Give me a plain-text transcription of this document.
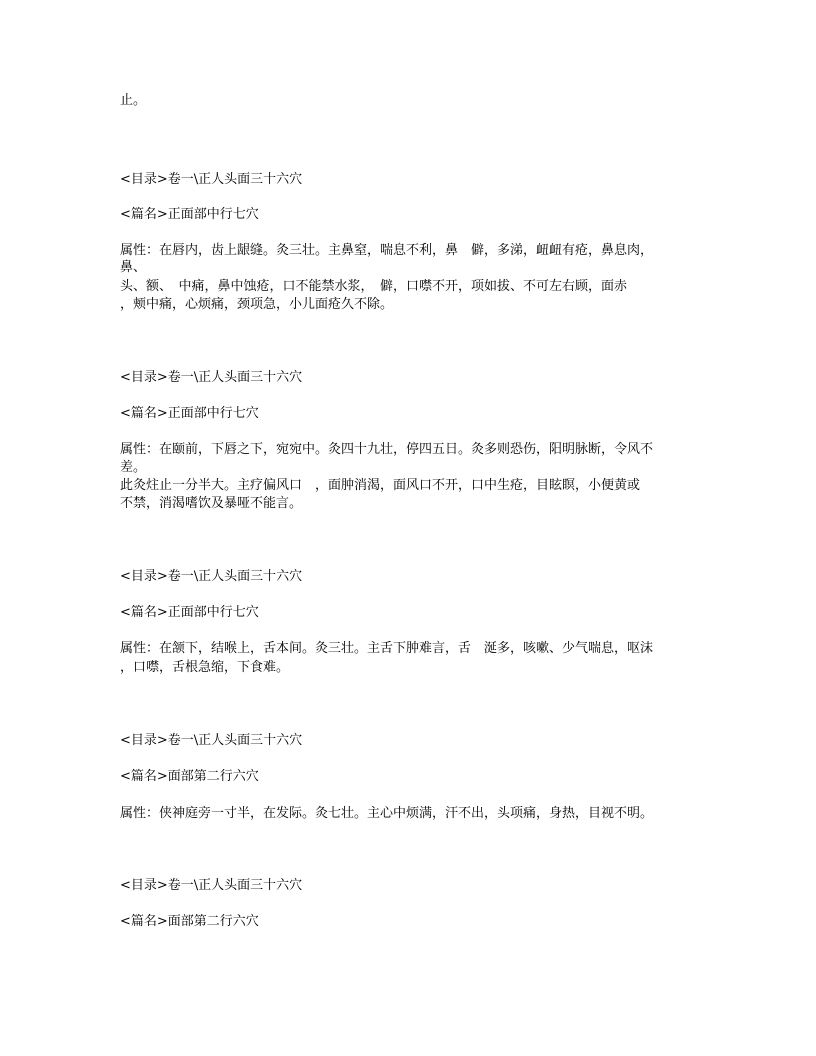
止。

<目录>卷一\正人头面三十六穴

<篇名>正面部中行七穴

属性：在唇内，齿上龈缝。灸三壮。主鼻窒，喘息不利，鼻　僻，多涕，衄衄有疮，鼻息肉，

鼻、

头、额、　中痛，鼻中蚀疮，口不能禁水浆，　僻，口噤不开，项如拔、不可左右顾，面赤

，颊中痛，心烦痛，颈项急，小儿面疮久不除。

<目录>卷一\正人头面三十六穴

<篇名>正面部中行七穴

属性：在颐前，下唇之下，宛宛中。灸四十九壮，停四五日。灸多则恐伤，阳明脉断，令风不

差。

此灸炷止一分半大。主疗偏风口　，面肿消渴，面风口不开，口中生疮，目眩瞑，小便黄或

不禁，消渴嗜饮及暴哑不能言。

<目录>卷一\正人头面三十六穴

<篇名>正面部中行七穴

属性：在颔下，结喉上，舌本间。灸三壮。主舌下肿难言，舌　涎多，咳嗽、少气喘息，呕沫

，口噤，舌根急缩，下食难。

<目录>卷一\正人头面三十六穴

<篇名>面部第二行六穴

属性：侠神庭旁一寸半，在发际。灸七壮。主心中烦满，汗不出，头项痛，身热，目视不明。

<目录>卷一\正人头面三十六穴

<篇名>面部第二行六穴
